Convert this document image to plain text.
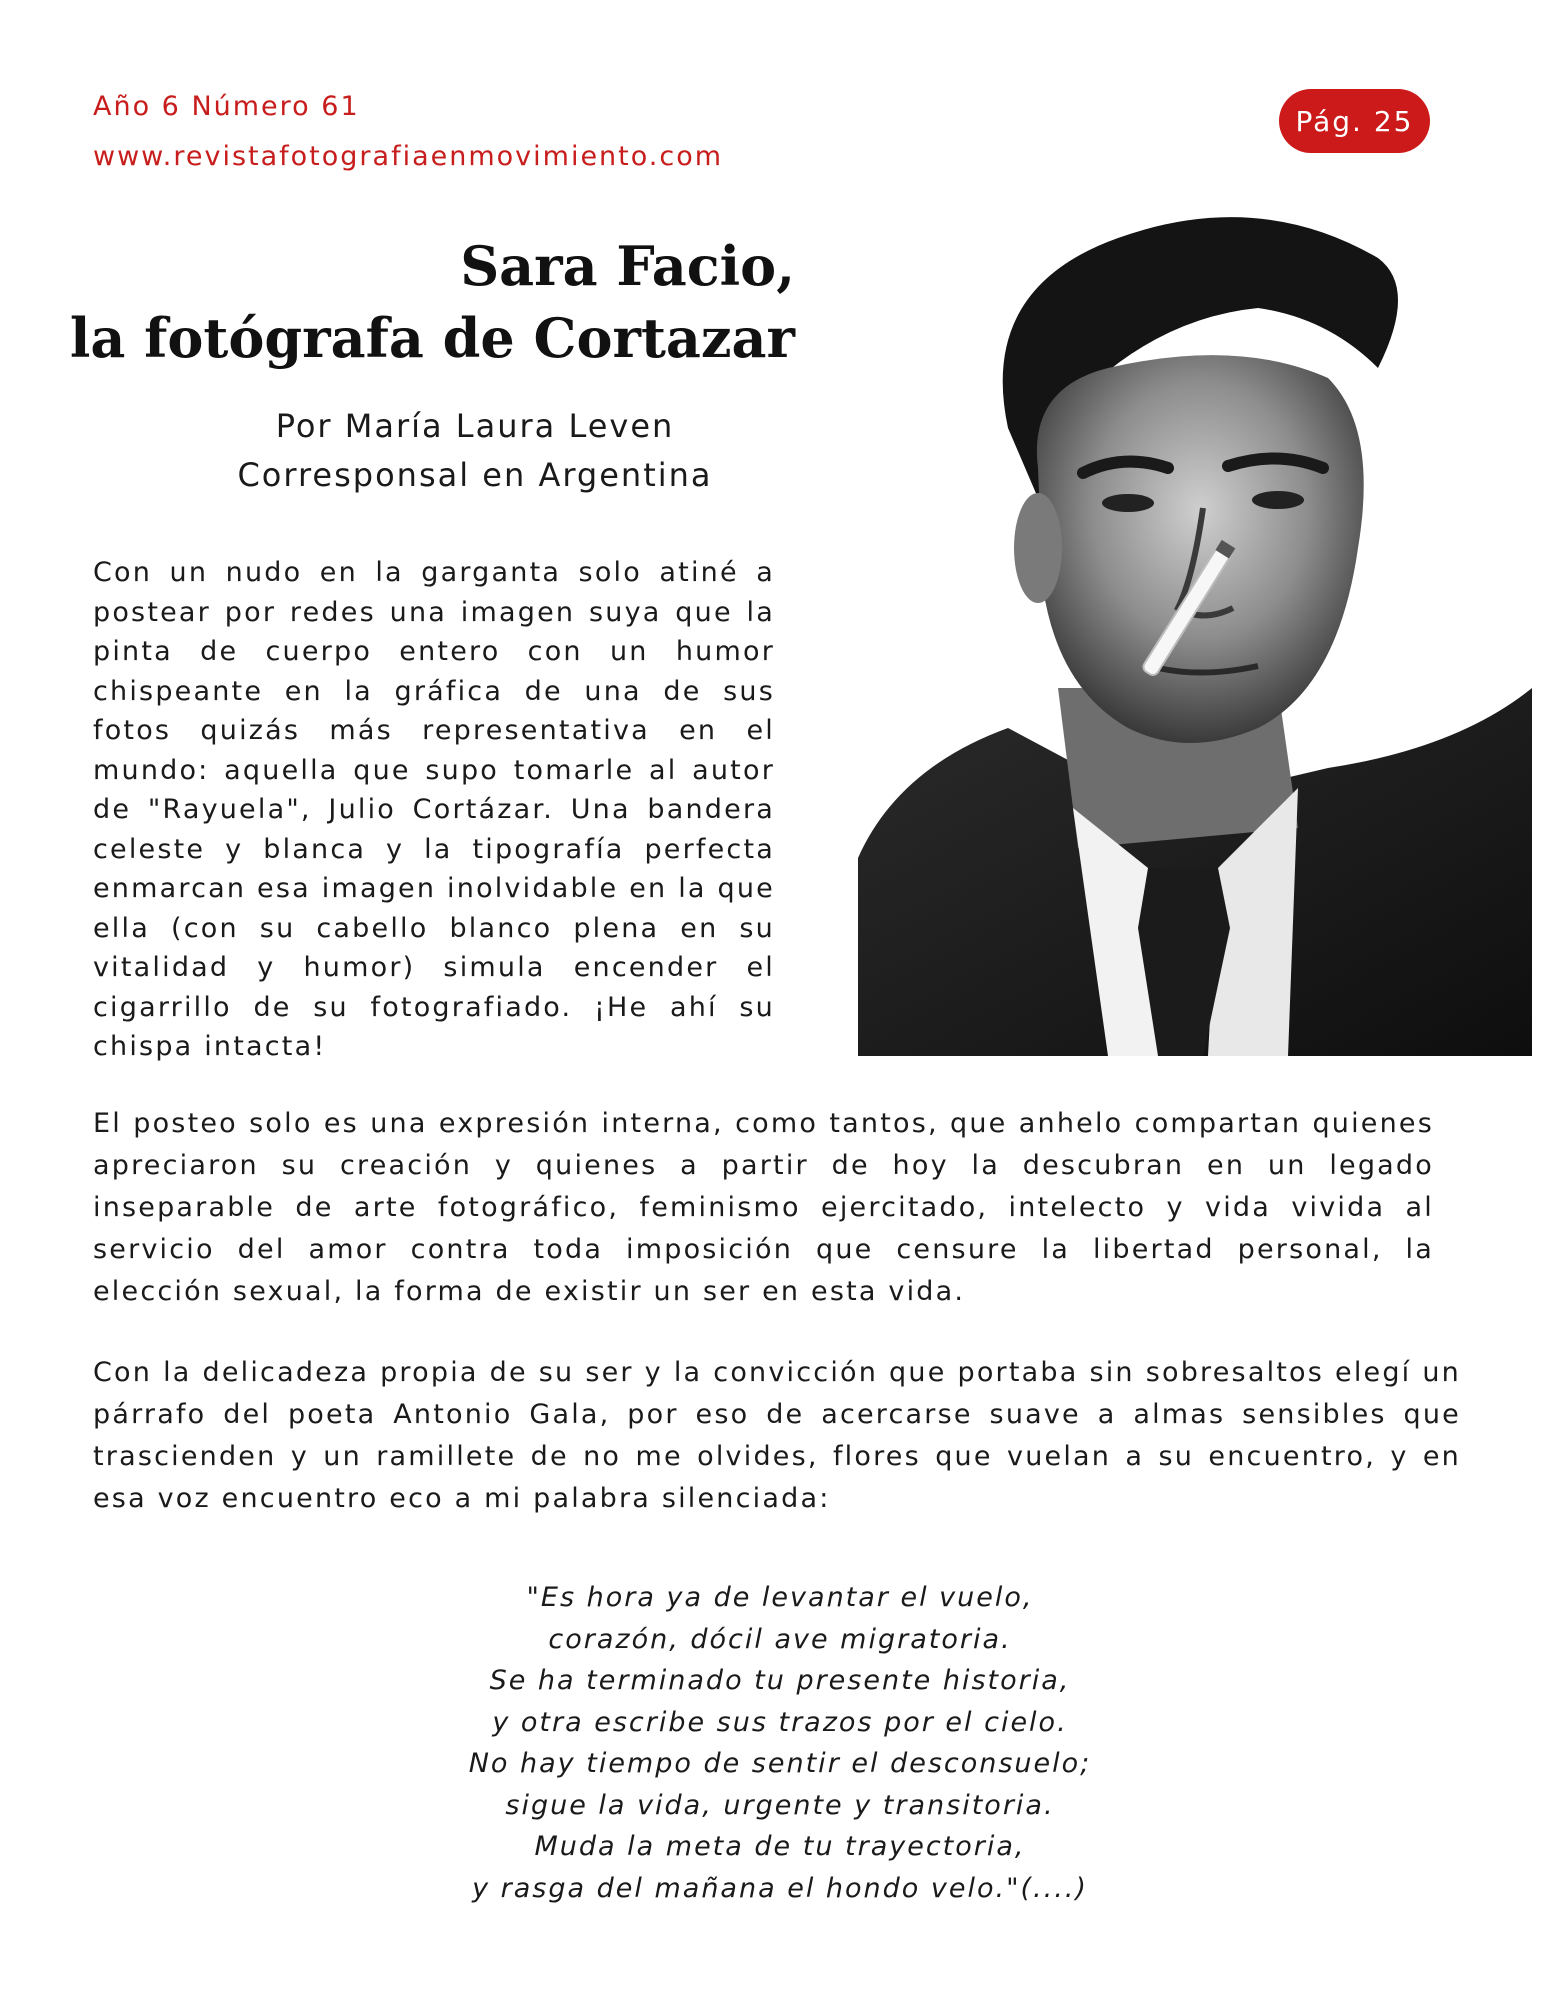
Año 6 Número 61
www.revistafotografiaenmovimiento.com
Pág. 25
Sara Facio,
la fotógrafa de Cortazar
Por María Laura Leven
Corresponsal en Argentina

Con un nudo en la garganta solo atiné a postear por redes una imagen suya que la pinta de cuerpo entero con un humor chispeante en la gráfica de una de sus fotos quizás más representativa en el mundo: aquella que supo tomarle al autor de "Rayuela", Julio Cortázar. Una bandera celeste y blanca y la tipografía perfecta enmarcan esa imagen inolvidable en la que ella (con su cabello blanco plena en su vitalidad y humor) simula encender el cigarrillo de su fotografiado. ¡He ahí su chispa intacta!

El posteo solo es una expresión interna, como tantos, que anhelo compartan quienes apreciaron su creación y quienes a partir de hoy la descubran en un legado inseparable de arte fotográfico, feminismo ejercitado, intelecto y vida vivida al servicio del amor contra toda imposición que censure la libertad personal, la elección sexual, la forma de existir un ser en esta vida.

Con la delicadeza propia de su ser y la convicción que portaba sin sobresaltos elegí un párrafo del poeta Antonio Gala, por eso de acercarse suave a almas sensibles que trascienden y un ramillete de no me olvides, flores que vuelan a su encuentro, y en esa voz encuentro eco a mi palabra silenciada:

"Es hora ya de levantar el vuelo,
corazón, dócil ave migratoria.
Se ha terminado tu presente historia,
y otra escribe sus trazos por el cielo.
No hay tiempo de sentir el desconsuelo;
sigue la vida, urgente y transitoria.
Muda la meta de tu trayectoria,
y rasga del mañana el hondo velo."(....)
